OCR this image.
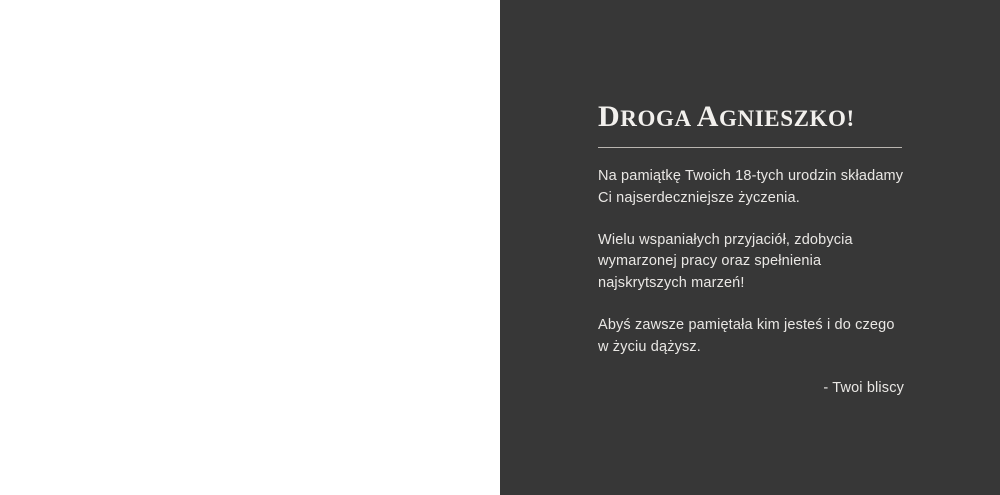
DROGA AGNIESZKO!

Na pamiątkę Twoich 18-tych urodzin składamy Ci najserdeczniejsze życzenia.

Wielu wspaniałych przyjaciół, zdobycia wymarzonej pracy oraz spełnienia najskrytszych marzeń!

Abyś zawsze pamiętała kim jesteś i do czego w życiu dążysz.

- Twoi bliscy
